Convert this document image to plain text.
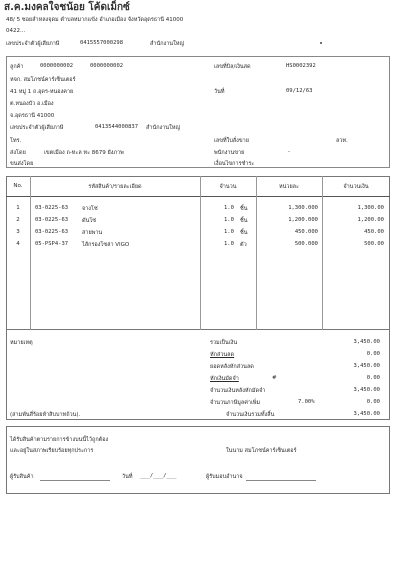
ส.ค.มงคลใจชน้อย โค้ดเม็กซ์
48/ 5 ซอยลำหลงจุดม ตำบลหมากแข้ง อำเภอเมือง จังหวัดอุดรธานี 41000
0422...
เลขประจำตัวผู้เสียภาษี	0415557000298	สำนักงานใหญ่
ลูกค้า	0000000002	0000000002
หจก. สมโภชน์คาร์เซ็นเตอร์
41 หมู่ 1 ถ.อุดร-หนองคาย
ต.หนองบัว อ.เมือง
จ.อุดรธานี 41000
เลขประจำตัวผู้เสียภาษี	0413544000837 สำนักงานใหญ่
โทร.
ส่งโดย	เขตเมือง ถ-ทะล ทะ 8679 ยังภาพ
ขนส่งโดย
เลขที่บิล/เงินสด	HS0002392
วันที่	09/12/63
เลขที่ใบสั่งขาย	ลวท.
พนักงานขาย	-
เงื่อนไขการชำระ
No.	รหัสสินค้า/รายละเอียด	จำนวน	หน่วยละ	จำนวนเงิน
1	03-0225-63	จางโซ่	1.0 ชิ้น	1,300.000	1,300.00
2	03-0225-63	ดันโซ่	1.0 ชิ้น	1,200.000	1,200.00
3	03-0225-63	สายพาน	1.0 ชิ้น	450.000	450.00
4	05-PSP4-37	ไส้กรองโซล่า VIGO	1.0 ตัว	500.000	500.00
หมายเหตุ	รวมเป็นเงิน	3,450.00
หักส่วนลด	0.00
ยอดหลังหักส่วนลด	3,450.00
หักเงินมัดจำ	#	0.00
จำนวนเงินหลังหักมัดจำ	3,450.00
จำนวนภาษีมูลค่าเพิ่ม	7.00%	0.00
(สามพันสี่ร้อยห้าสิบบาทถ้วน).	จำนวนเงินรวมทั้งสิ้น	3,450.00
ได้รับสินค้าตามรายการข้างบนนี้ไว้ถูกต้อง
และอยู่ในสภาพเรียบร้อยทุกประการ	ในนาม สมโภชน์คาร์เซ็นเตอร์
ผู้รับสินค้า	วันที่ ___/___/___	ผู้รับมอบอำนาจ
